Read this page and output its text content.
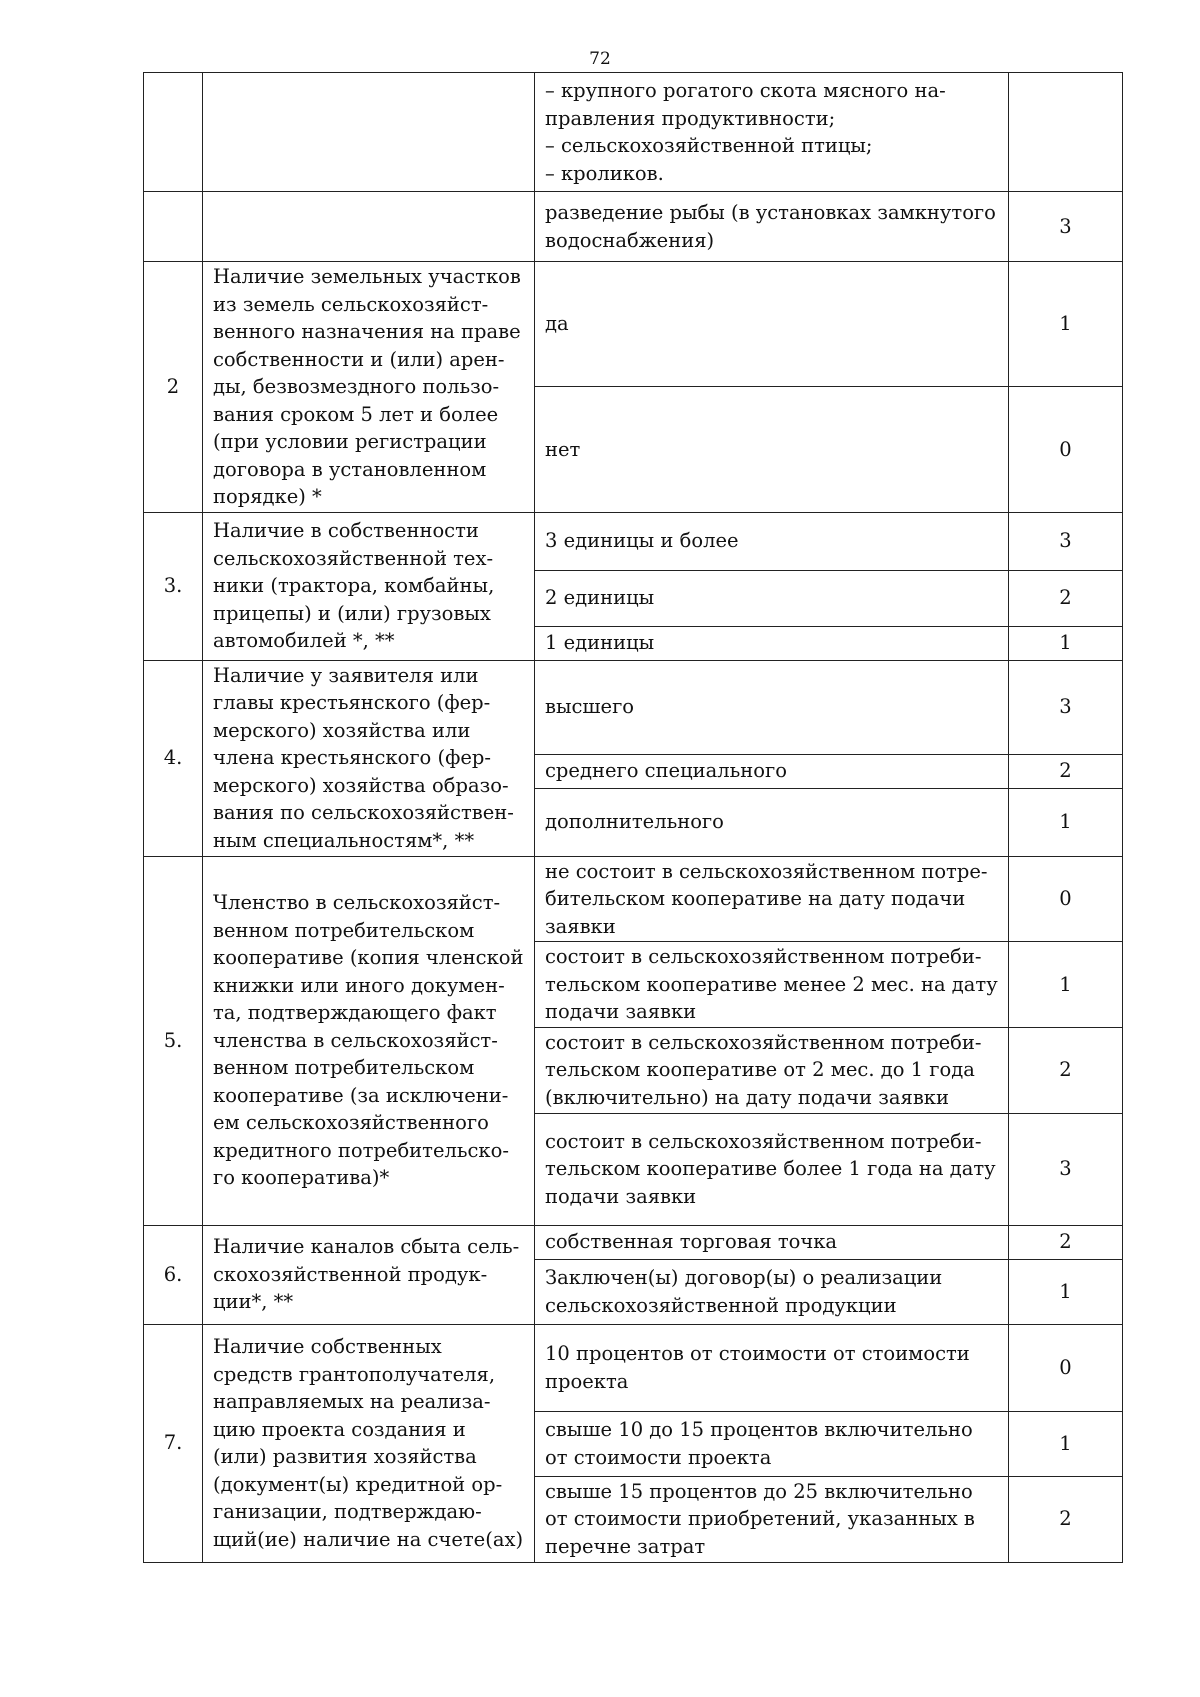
72

		– крупного рогатого скота мясного на-
правления продуктивности;
– сельскохозяйственной птицы;
– кроликов.	

		разведение рыбы (в установках замкнутого водоснабжения)	3
2	Наличие земельных участков из земель сельскохозяйст-венного назначения на праве собственности и (или) арен-ды, безвозмездного пользо-вания сроком 5 лет и более (при условии регистрации договора в установленном порядке) *	да	1
		нет	0
3.	Наличие в собственности сельскохозяйственной тех-ники (трактора, комбайны, прицепы) и (или) грузовых автомобилей *, **	3 единицы и более	3
		2 единицы	2
		1 единицы	1
4.	Наличие у заявителя или главы крестьянского (фер-мерского) хозяйства или члена крестьянского (фер-мерского) хозяйства образо-вания по сельскохозяйствен-ным специальностям*, **	высшего	3
		среднего специального	2
		дополнительного	1
5.	Членство в сельскохозяйст-венном потребительском кооперативе (копия членской книжки или иного докумен-та, подтверждающего факт членства в сельскохозяйст-венном потребительском кооперативе (за исключени-ем сельскохозяйственного кредитного потребительско-го кооператива)*	не состоит в сельскохозяйственном потре-бительском кооперативе на дату подачи заявки	0
		состоит в сельскохозяйственном потреби-тельском кооперативе менее 2 мес. на дату подачи заявки	1
		состоит в сельскохозяйственном потреби-тельском кооперативе от 2 мес. до 1 года (включительно) на дату подачи заявки	2
		состоит в сельскохозяйственном потреби-тельском кооперативе более 1 года на дату подачи заявки	3
6.	Наличие каналов сбыта сель-скохозяйственной продук-ции*, **	собственная торговая точка	2
		Заключен(ы) договор(ы) о реализации сельскохозяйственной продукции	1
7.	Наличие собственных средств грантополучателя, направляемых на реализа-цию проекта создания и (или) развития хозяйства (документ(ы) кредитной ор-ганизации, подтверждаю-щий(ие) наличие на счете(ах)	10 процентов от стоимости от стоимости проекта	0
		свыше 10 до 15 процентов включительно от стоимости проекта	1
		свыше 15 процентов до 25 включительно от стоимости приобретений, указанных в перечне затрат	2
